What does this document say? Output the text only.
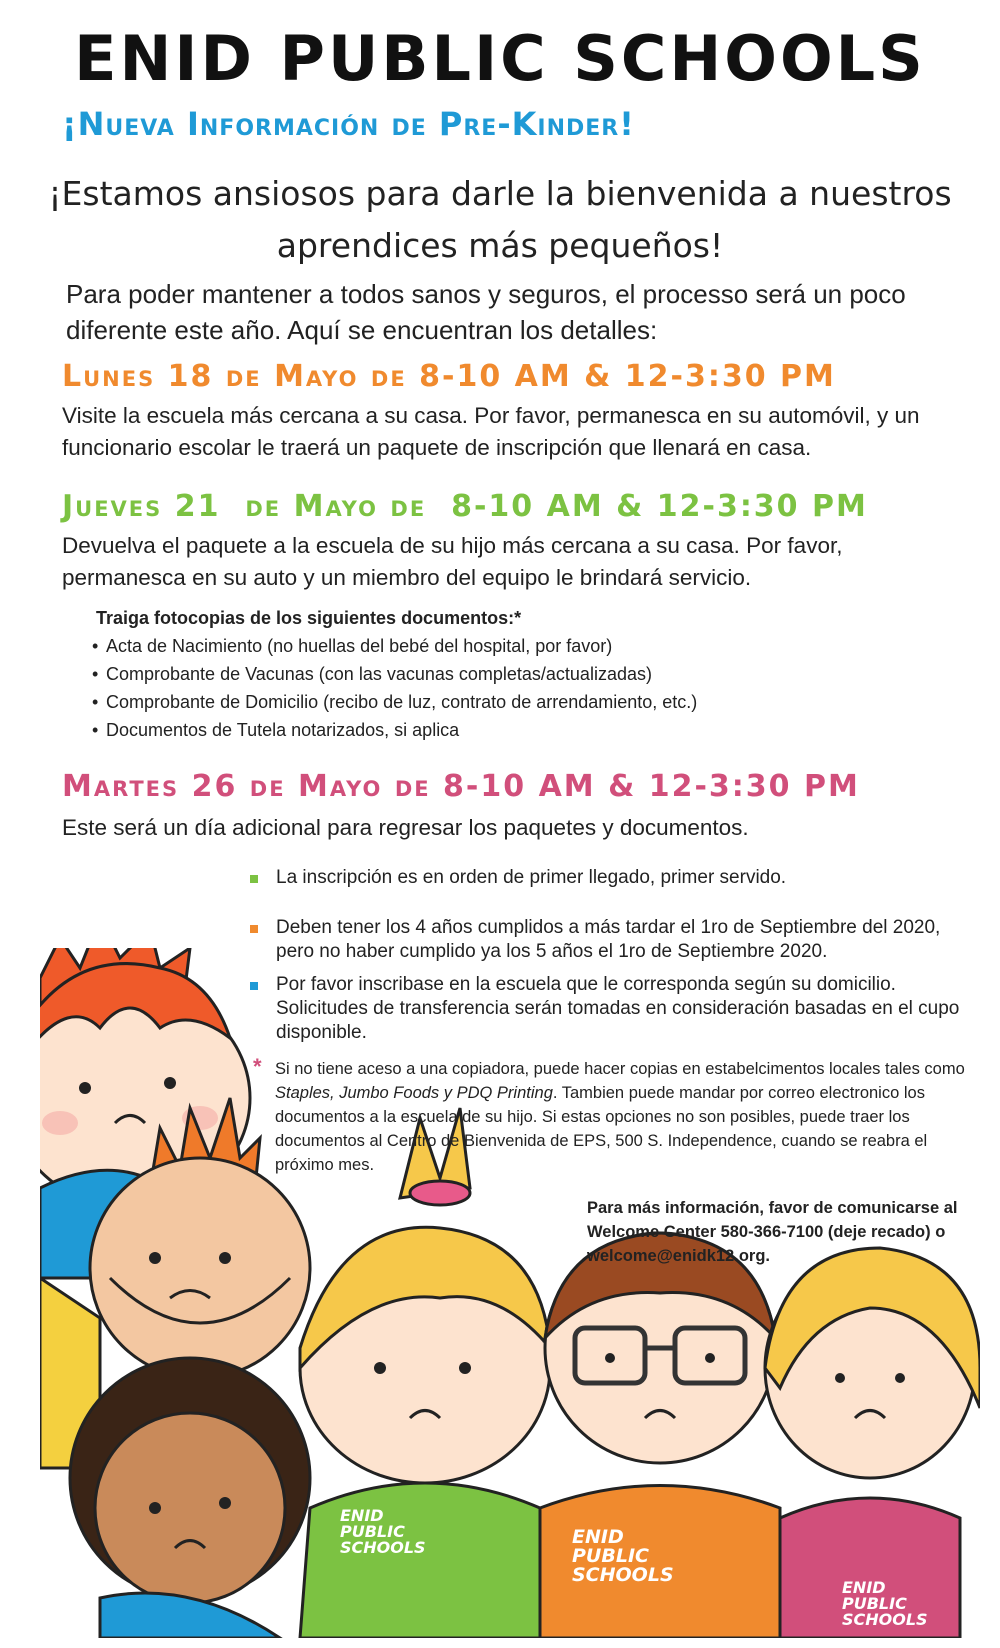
ENID PUBLIC SCHOOLS
¡Nueva Información de Pre-Kinder!
¡Estamos ansiosos para darle la bienvenida a nuestros
aprendices más pequeños!
Para poder mantener a todos sanos y seguros, el processo será un poco diferente este año. Aquí se encuentran los detalles:
Lunes 18 de Mayo de 8-10 AM & 12-3:30 PM
Visite la escuela más cercana a su casa. Por favor, permanesca en su automóvil, y un funcionario escolar le traerá un paquete de inscripción que llenará en casa.
Jueves 21  de Mayo de  8-10 AM & 12-3:30 PM
Devuelva el paquete a la escuela de su hijo más cercana a su casa. Por favor, permanesca en su auto y un miembro del equipo le brindará servicio.
Traiga fotocopias de los siguientes documentos:*
• Acta de Nacimiento (no huellas del bebé del hospital, por favor)
• Comprobante de Vacunas (con las vacunas completas/actualizadas)
• Comprobante de Domicilio (recibo de luz, contrato de arrendamiento, etc.)
• Documentos de Tutela notarizados, si aplica
Martes 26 de Mayo de 8-10 AM & 12-3:30 PM
Este será un día adicional para regresar los paquetes y documentos.
ENID
PUBLIC
SCHOOLS	ENID
PUBLIC
SCHOOLS
ENID
PUBLIC
SCHOOLS
La inscripción es en orden de primer llegado, primer servido.
Deben tener los 4 años cumplidos a más tardar el 1ro de Septiembre del 2020, pero no haber cumplido ya los 5 años el 1ro de Septiembre 2020.
Por favor inscribase en la escuela que le corresponda según su domicilio. Solicitudes de transferencia serán tomadas en consideración basadas en el cupo disponible.
* Si no tiene aceso a una copiadora, puede hacer copias en estabelcimentos locales tales como Staples, Jumbo Foods y PDQ Printing. Tambien puede mandar por correo electronico los documentos a la escuela de su hijo. Si estas opciones no son posibles, puede traer los documentos al Centro de Bienvenida de EPS, 500 S. Independence, cuando se reabra el próximo mes.
Para más información, favor de comunicarse al Welcome Center 580-366-7100 (deje recado) o welcome@enidk12.org.
